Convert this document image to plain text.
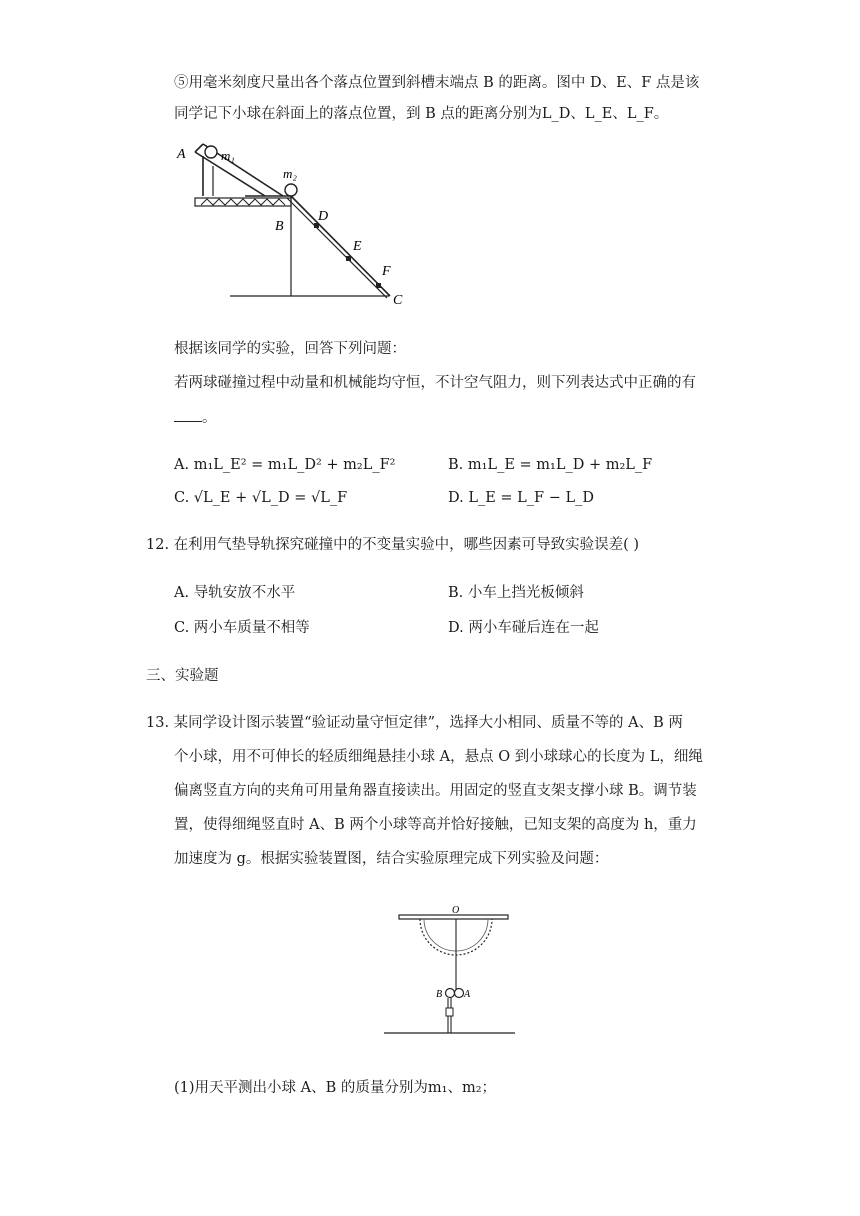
⑤用毫米刻度尺量出各个落点位置到斜槽末端点 B 的距离。图中 D、E、F 点是该
同学记下小球在斜面上的落点位置，到 B 点的距离分别为L_D、L_E、L_F。
A	m₁
m₂
B
D
E
F
C
根据该同学的实验，回答下列问题：
若两球碰撞过程中动量和机械能均守恒，不计空气阻力，则下列表达式中正确的有
。
A. m₁L_E² = m₁L_D² + m₂L_F²	B. m₁L_E = m₁L_D + m₂L_F
C. √L_E + √L_D = √L_F	D. L_E = L_F − L_D
12. 在利用气垫导轨探究碰撞中的不变量实验中，哪些因素可导致实验误差( )
A. 导轨安放不水平	B. 小车上挡光板倾斜
C. 两小车质量不相等	D. 两小车碰后连在一起
三、实验题
13. 某同学设计图示装置“验证动量守恒定律”，选择大小相同、质量不等的 A、B 两
个小球，用不可伸长的轻质细绳悬挂小球 A，悬点 O 到小球球心的长度为 L，细绳
偏离竖直方向的夹角可用量角器直接读出。用固定的竖直支架支撑小球 B。调节装
置，使得细绳竖直时 A、B 两个小球等高并恰好接触，已知支架的高度为 h，重力
加速度为 g。根据实验装置图，结合实验原理完成下列实验及问题：
O
B A
(1)用天平测出小球 A、B 的质量分别为m₁、m₂；
